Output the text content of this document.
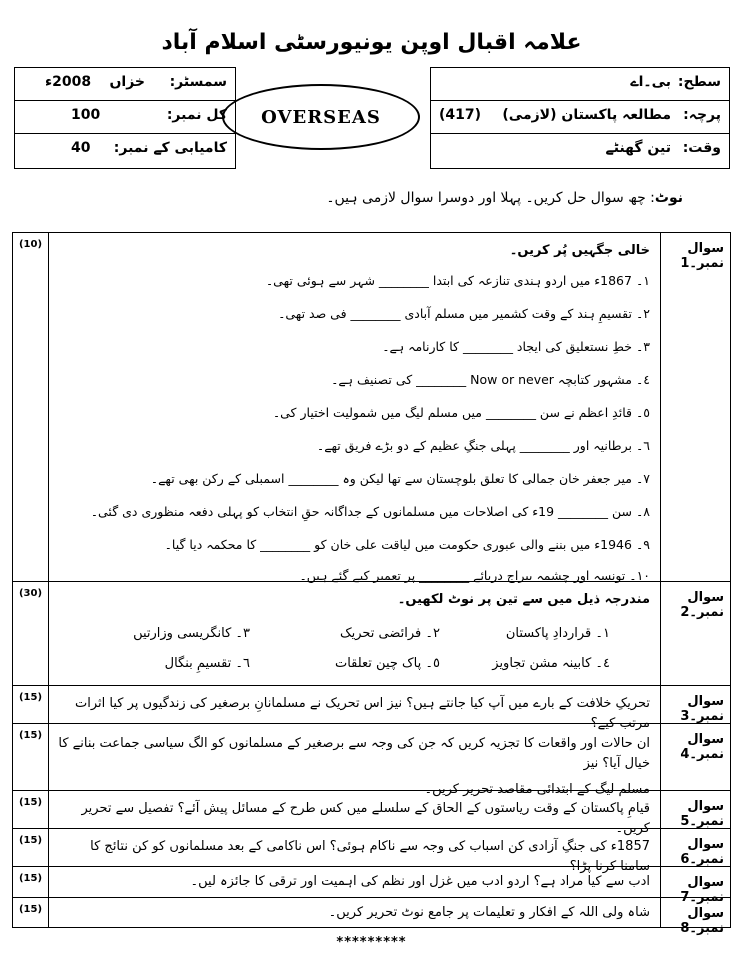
علامہ اقبال اوپن یونیورسٹی اسلام آباد
سمسٹر:
خزاں
2008ء
کل نمبر:
100
کامیابی کے نمبر:
40
سطح:
بی۔اے
پرچہ:
مطالعہ پاکستان (لازمی)
(417)
وقت:
تین گھنٹے
OVERSEAS
نوٹ: چھ سوال حل کریں۔ پہلا اور دوسرا سوال لازمی ہیں۔
سوال نمبر۔1
(10)	خالی جگہیں پُر کریں۔
١۔ 1867ء میں اردو ہندی تنازعہ کی ابتدا ________ شہر سے ہوئی تھی۔
٢۔ تقسیمِ ہند کے وقت کشمیر میں مسلم آبادی ________ فی صد تھی۔
٣۔ خطِ نستعلیق کی ایجاد ________ کا کارنامہ ہے۔
٤۔ مشہور کتابچہ Now or never ________ کی تصنیف ہے۔
٥۔ قائدِ اعظم نے سن ________ میں مسلم لیگ میں شمولیت اختیار کی۔
٦۔ برطانیہ اور ________ پہلی جنگِ عظیم کے دو بڑے فریق تھے۔
٧۔ میر جعفر خان جمالی کا تعلق بلوچستان سے تھا لیکن وہ ________ اسمبلی کے رکن بھی تھے۔
٨۔ سن ________ 19ء کی اصلاحات میں مسلمانوں کے جداگانہ حقِ انتخاب کو پہلی دفعہ منظوری دی گئی۔
٩۔ 1946ء میں بننے والی عبوری حکومت میں لیاقت علی خان کو ________ کا محکمہ دیا گیا۔
١٠۔ تونسہ اور چشمہ بیراج دریائے ________ پر تعمیر کیے گئے ہیں۔
سوال نمبر۔2
(30)	مندرجہ ذیل میں سے تین پر نوٹ لکھیں۔
١۔ قراردادِ پاکستان
٢۔ فرائضی تحریک
٣۔ کانگریسی وزارتیں
٤۔ کابینہ مشن تجاویز
٥۔ پاک چین تعلقات
٦۔ تقسیمِ بنگال
سوال نمبر۔3
(15)	تحریکِ خلافت کے بارے میں آپ کیا جانتے ہیں؟ نیز اس تحریک نے مسلمانانِ برصغیر کی زندگیوں پر کیا اثرات مرتب کیے؟
سوال نمبر۔4
(15)
ان حالات اور واقعات کا تجزیہ کریں کہ جن کی وجہ سے برصغیر کے مسلمانوں کو الگ سیاسی جماعت بنانے کا خیال آیا؟ نیز
مسلم لیگ کے ابتدائی مقاصد تحریر کریں۔
سوال نمبر۔5
(15)	قیامِ پاکستان کے وقت ریاستوں کے الحاق کے سلسلے میں کس طرح کے مسائل پیش آئے؟ تفصیل سے تحریر کریں۔
سوال نمبر۔6
(15)	1857ء کی جنگِ آزادی کن اسباب کی وجہ سے ناکام ہوئی؟ اس ناکامی کے بعد مسلمانوں کو کن نتائج کا سامنا کرنا پڑا؟
سوال نمبر۔7
(15)	ادب سے کیا مراد ہے؟ اردو ادب میں غزل اور نظم کی اہمیت اور ترقی کا جائزہ لیں۔
سوال نمبر۔8
(15)	شاہ ولی اللہ کے افکار و تعلیمات پر جامع نوٹ تحریر کریں۔
*********
